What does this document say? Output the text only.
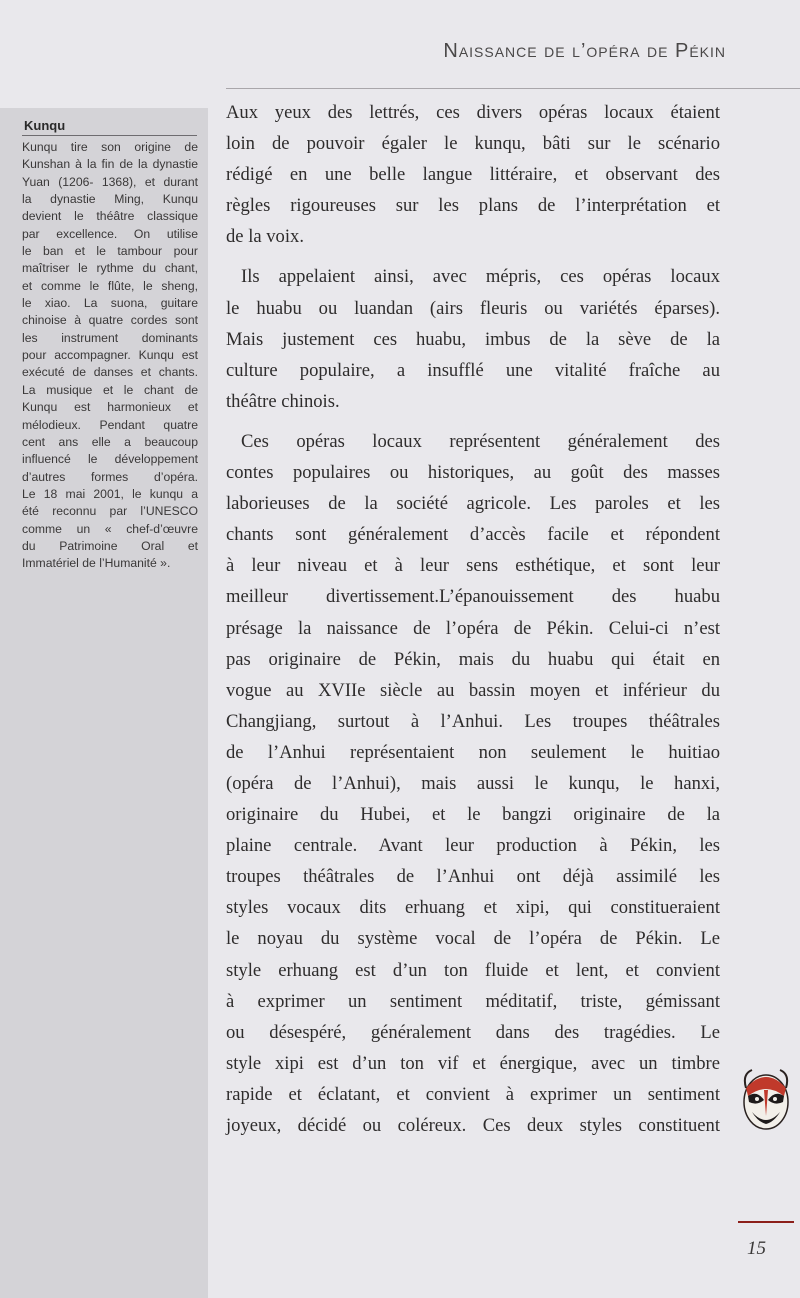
Naissance de l’opéra de Pékin
Kunqu
Kunqu tire son origine de
Kunshan à la fin de la dynastie
Yuan (1206- 1368), et durant
la dynastie Ming, Kunqu
devient le théâtre classique
par excellence. On utilise
le ban et le tambour pour
maîtriser le rythme du chant,
et comme le flûte, le sheng,
le xiao. La suona, guitare
chinoise à quatre cordes sont
les instrument dominants
pour accompagner. Kunqu est
exécuté de danses et chants.
La musique et le chant de
Kunqu est harmonieux et
mélodieux. Pendant quatre
cent ans elle a beaucoup
influencé le développement
d’autres formes d’opéra.
Le 18 mai 2001, le kunqu a
été reconnu par l’UNESCO
comme un « chef-d’œuvre
du Patrimoine Oral et
Immatériel de l’Humanité ».

Aux yeux des lettrés, ces divers opéras locaux étaient
loin de pouvoir égaler le kunqu, bâti sur le scénario
rédigé en une belle langue littéraire, et observant des
règles rigoureuses sur les plans de l’interprétation et
de la voix.

Ils appelaient ainsi, avec mépris, ces opéras locaux
le huabu ou luandan (airs fleuris ou variétés éparses).
Mais justement ces huabu, imbus de la sève de la
culture populaire, a insufflé une vitalité fraîche au
théâtre chinois.

Ces opéras locaux représentent généralement des
contes populaires ou historiques, au goût des masses
laborieuses de la société agricole. Les paroles et les
chants sont généralement d’accès facile et répondent
à leur niveau et à leur sens esthétique, et sont leur
meilleur divertissement.L’épanouissement des huabu
présage la naissance de l’opéra de Pékin. Celui-ci n’est
pas originaire de Pékin, mais du huabu qui était en
vogue au XVIIe siècle au bassin moyen et inférieur du
Changjiang, surtout à l’Anhui. Les troupes théâtrales
de l’Anhui représentaient non seulement le huitiao
(opéra de l’Anhui), mais aussi le kunqu, le hanxi,
originaire du Hubei, et le bangzi originaire de la
plaine centrale. Avant leur production à Pékin, les
troupes théâtrales de l’Anhui ont déjà assimilé les
styles vocaux dits erhuang et xipi, qui constitueraient
le noyau du système vocal de l’opéra de Pékin. Le
style erhuang est d’un ton fluide et lent, et convient
à exprimer un sentiment méditatif, triste, gémissant
ou désespéré, généralement dans des tragédies. Le
style xipi est d’un ton vif et énergique, avec un timbre
rapide et éclatant, et convient à exprimer un sentiment
joyeux, décidé ou coléreux. Ces deux styles constituent

15
